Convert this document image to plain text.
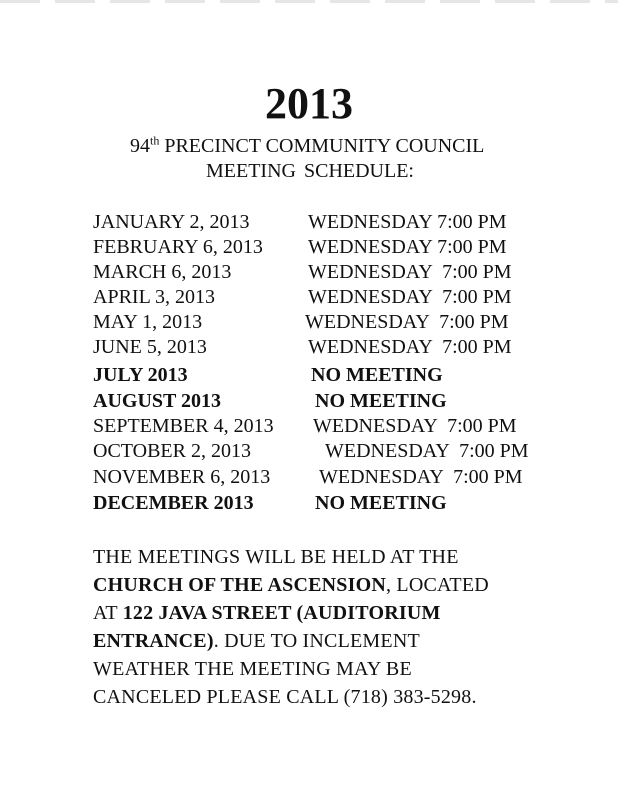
2013
94th PRECINCT COMMUNITY COUNCIL
MEETING SCHEDULE:
JANUARY 2, 2013	WEDNESDAY 7:00 PM
FEBRUARY 6, 2013 WEDNESDAY 7:00 PM
MARCH 6, 2013	WEDNESDAY  7:00 PM
APRIL 3, 2013	WEDNESDAY  7:00 PM
MAY 1, 2013	WEDNESDAY  7:00 PM
JUNE 5, 2013	WEDNESDAY  7:00 PM
JULY 2013	NO MEETING
AUGUST 2013	NO MEETING
SEPTEMBER 4, 2013 WEDNESDAY  7:00 PM
OCTOBER 2, 2013	WEDNESDAY  7:00 PM
NOVEMBER 6, 2013 WEDNESDAY  7:00 PM
DECEMBER 2013	NO MEETING
THE MEETINGS WILL BE HELD AT THE
CHURCH OF THE ASCENSION, LOCATED
AT 122 JAVA STREET (AUDITORIUM
ENTRANCE). DUE TO INCLEMENT
WEATHER THE MEETING MAY BE
CANCELED PLEASE CALL (718) 383-5298.
